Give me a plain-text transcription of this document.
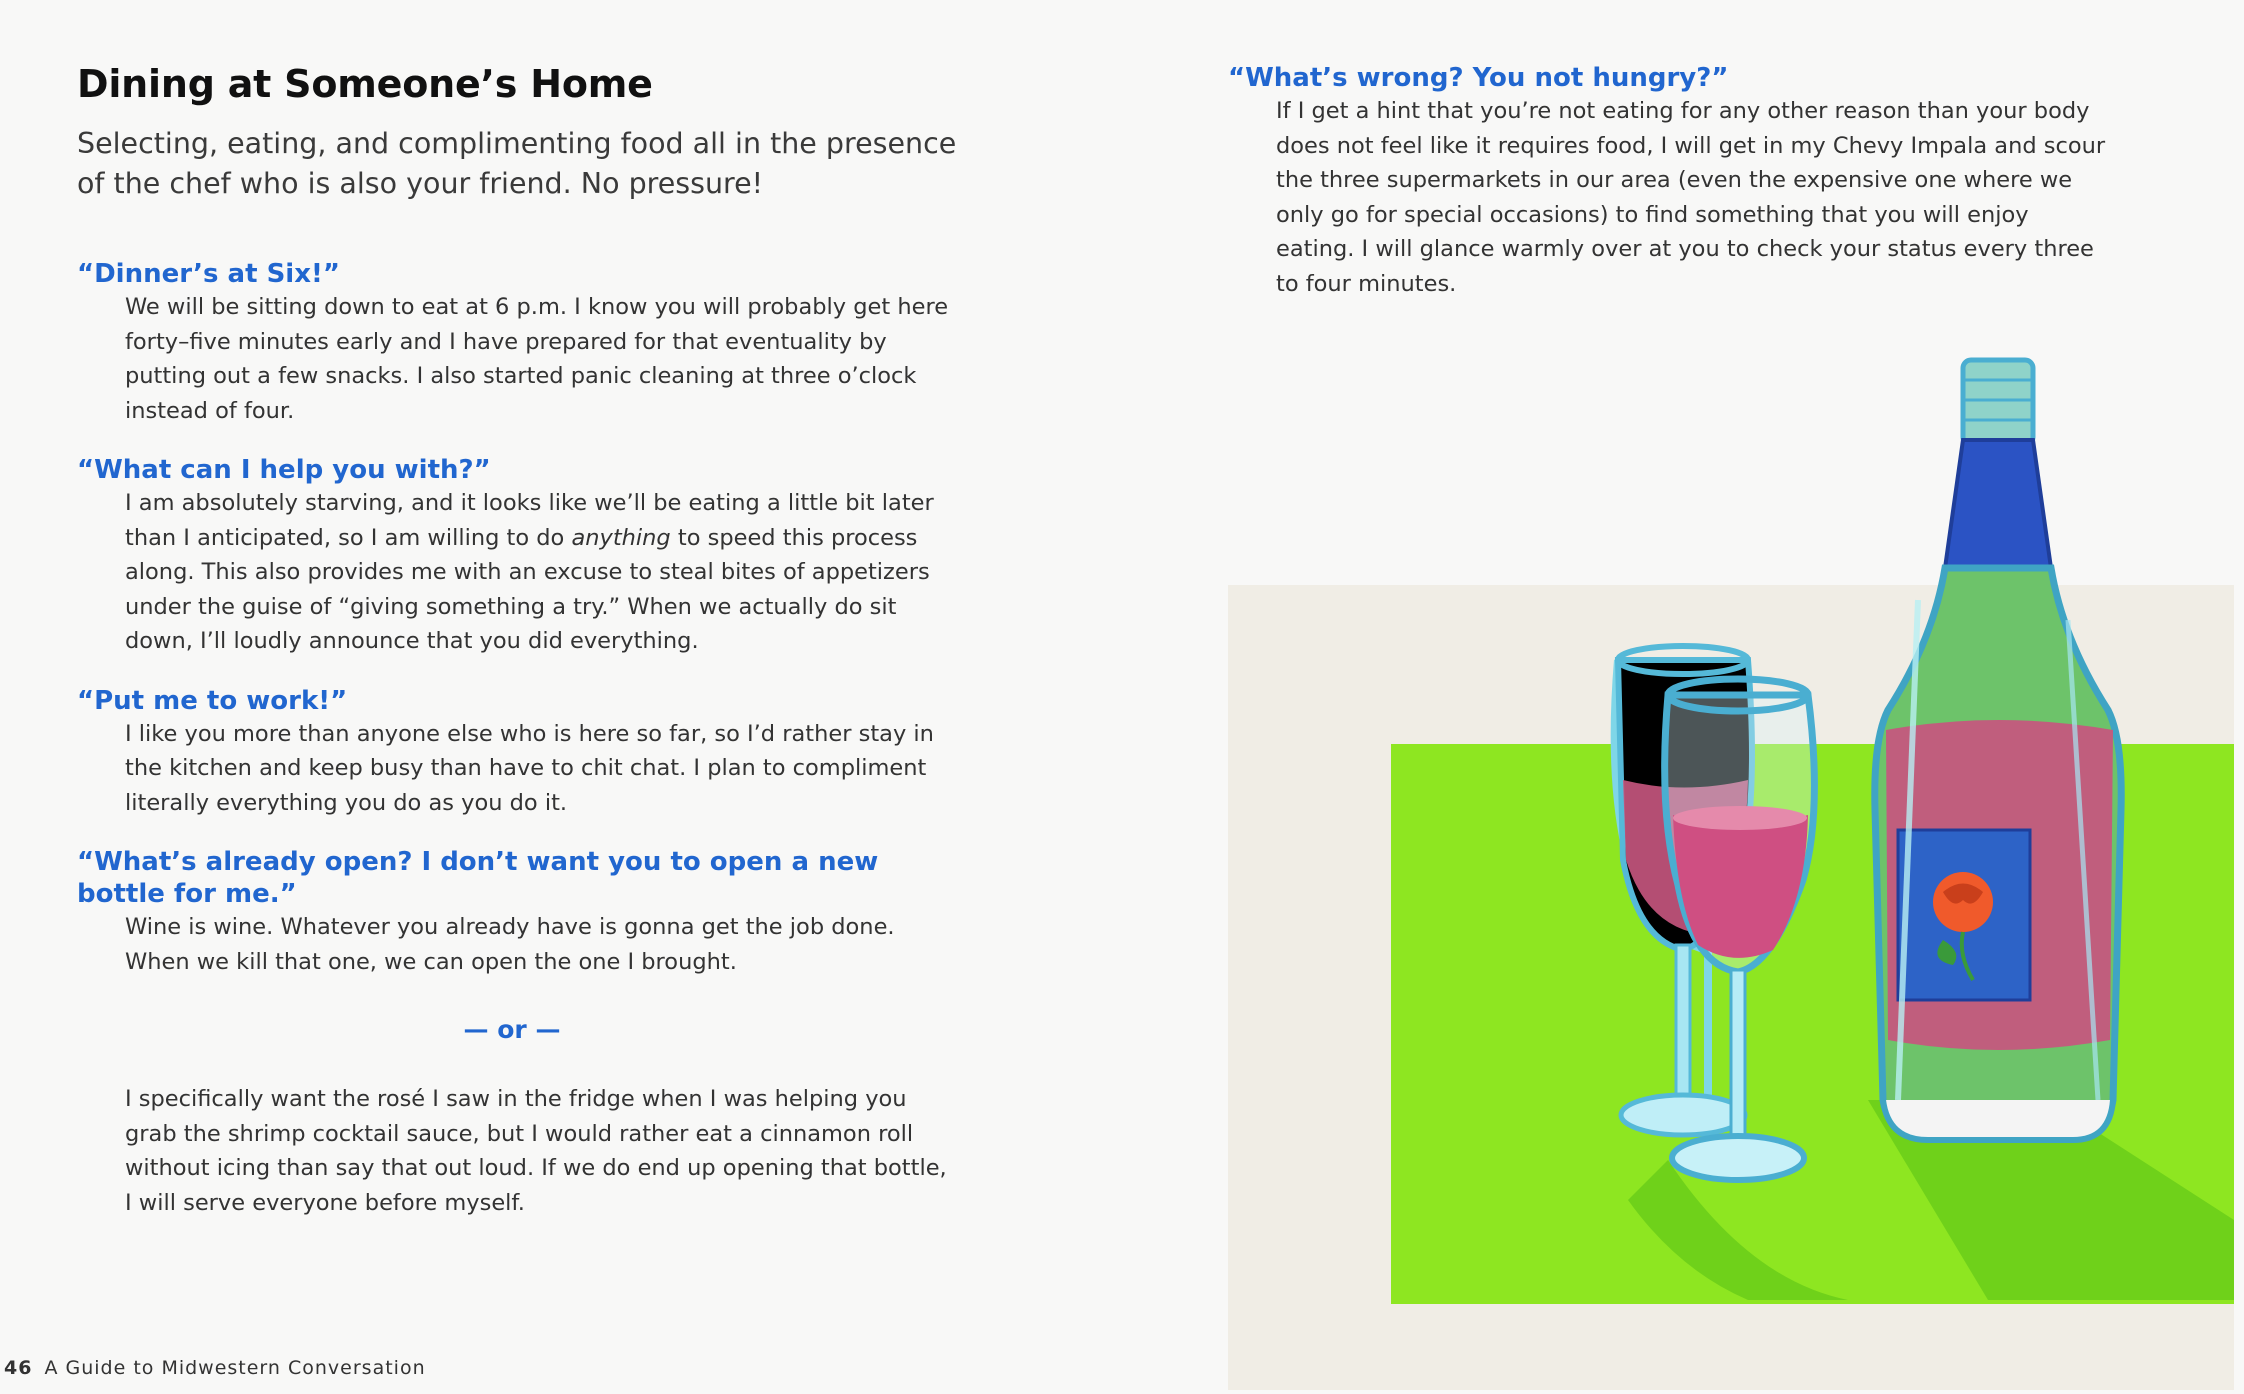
Dining at Someone’s Home

Selecting, eating, and complimenting food all in the presence of the chef who is also your friend. No pressure!

“Dinner’s at Six!”

We will be sitting down to eat at 6 p.m. I know you will probably get here forty–five minutes early and I have prepared for that eventuality by putting out a few snacks. I also started panic cleaning at three o’clock instead of four.

“What can I help you with?”

I am absolutely starving, and it looks like we’ll be eating a little bit later than I anticipated, so I am willing to do anything to speed this process along. This also provides me with an excuse to steal bites of appetizers under the guise of “giving something a try.” When we actually do sit down, I’ll loudly announce that you did everything.

“Put me to work!”

I like you more than anyone else who is here so far, so I’d rather stay in the kitchen and keep busy than have to chit chat. I plan to compliment literally everything you do as you do it.

“What’s already open? I don’t want you to open a new bottle for me.”

Wine is wine. Whatever you already have is gonna get the job done. When we kill that one, we can open the one I brought.

— or —

I specifically want the rosé I saw in the fridge when I was helping you grab the shrimp cocktail sauce, but I would rather eat a cinnamon roll without icing than say that out loud. If we do end up opening that bottle, I will serve everyone before myself.

“What’s wrong? You not hungry?”

If I get a hint that you’re not eating for any other reason than your body does not feel like it requires food, I will get in my Chevy Impala and scour the three supermarkets in our area (even the expensive one where we only go for special occasions) to find something that you will enjoy eating. I will glance warmly over at you to check your status every three to four minutes.

46 A Guide to Midwestern Conversation
